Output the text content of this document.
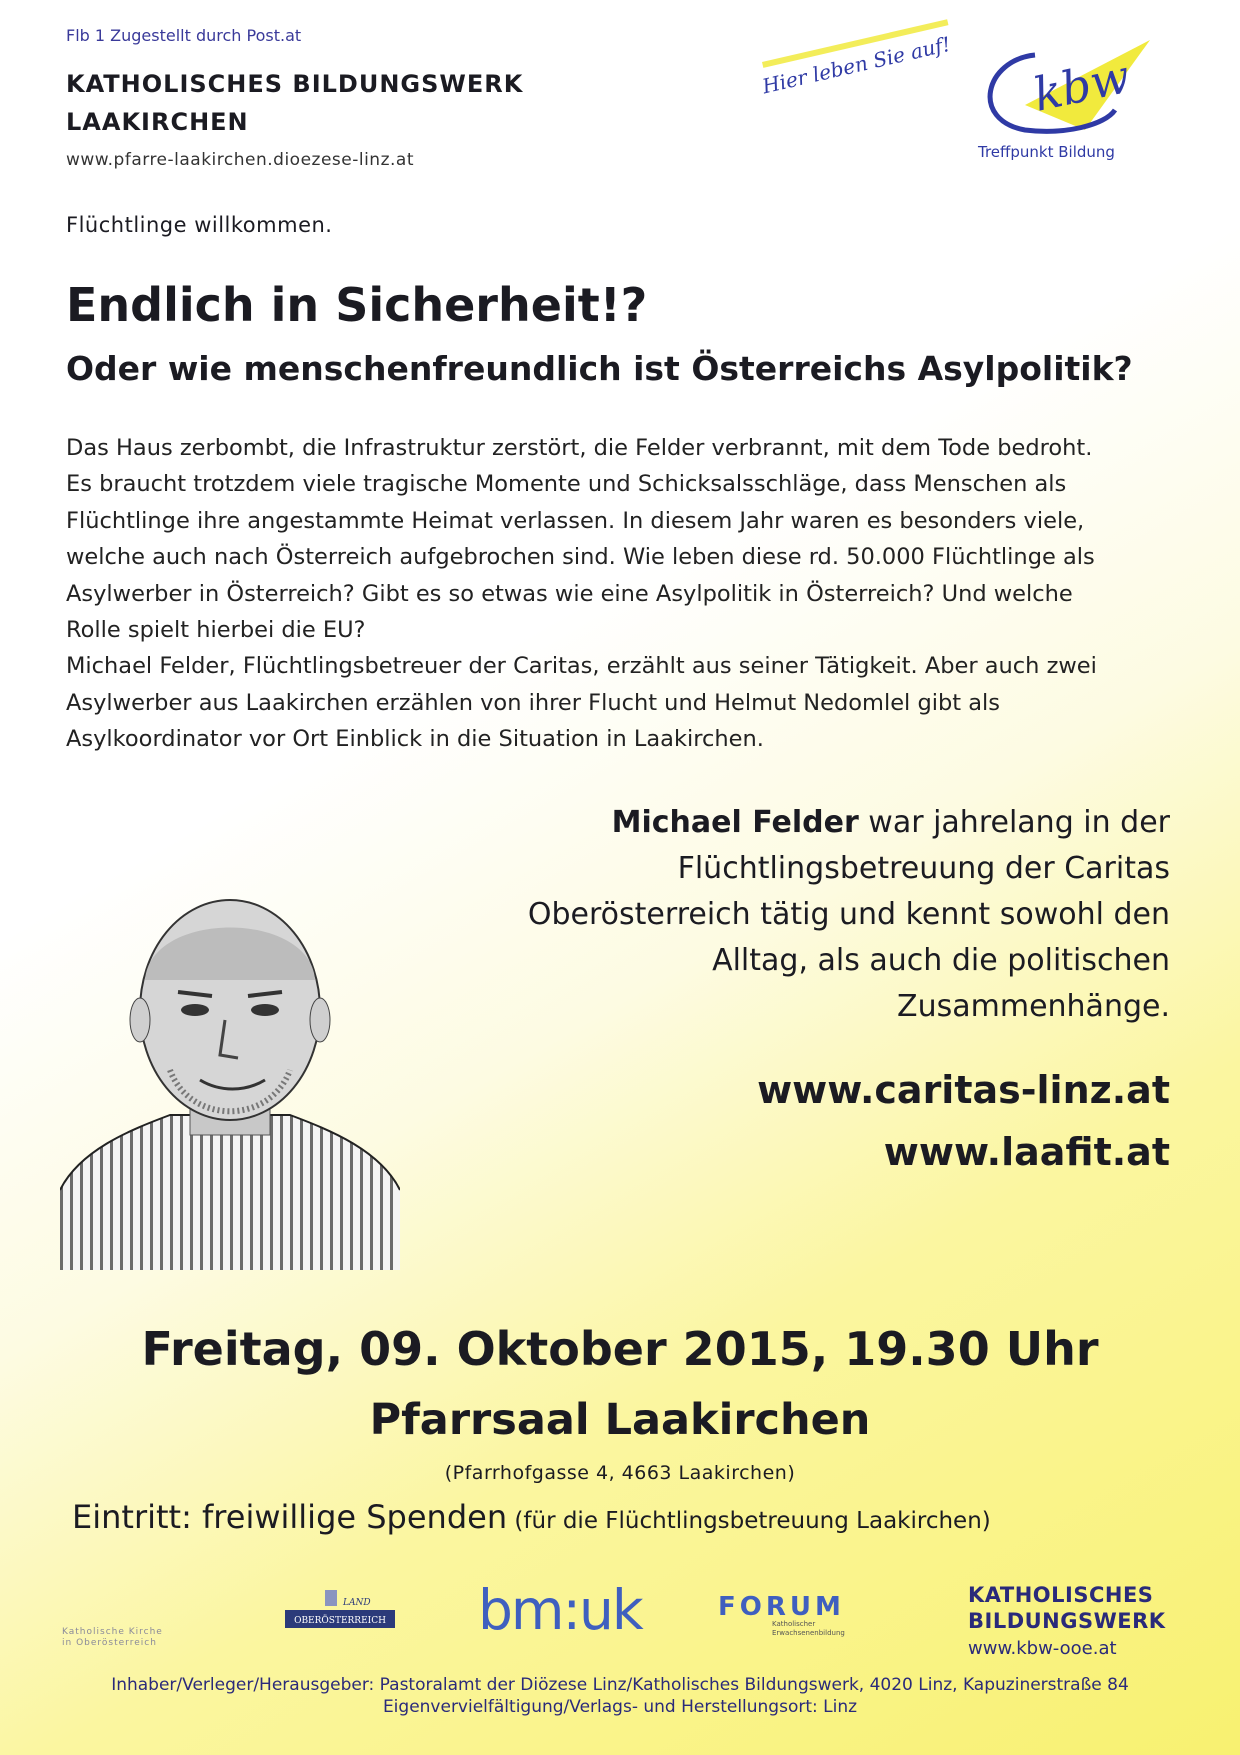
Flb 1 Zugestellt durch Post.at
KATHOLISCHES BILDUNGSWERK
LAAKIRCHEN
www.pfarre-laakirchen.dioezese-linz.at
Hier leben Sie auf! kbw
Treffpunkt Bildung
Flüchtlinge willkommen.
Endlich in Sicherheit!?
Oder wie menschenfreundlich ist Österreichs Asylpolitik?

Das Haus zerbombt, die Infrastruktur zerstört, die Felder verbrannt, mit dem Tode bedroht.

Es braucht trotzdem viele tragische Momente und Schicksalsschläge, dass Menschen als

Flüchtlinge ihre angestammte Heimat verlassen. In diesem Jahr waren es besonders viele,

welche auch nach Österreich aufgebrochen sind. Wie leben diese rd. 50.000 Flüchtlinge als

Asylwerber in Österreich? Gibt es so etwas wie eine Asylpolitik in Österreich? Und welche

Rolle spielt hierbei die EU?

Michael Felder, Flüchtlingsbetreuer der Caritas, erzählt aus seiner Tätigkeit. Aber auch zwei

Asylwerber aus Laakirchen erzählen von ihrer Flucht und Helmut Nedomlel gibt als

Asylkoordinator vor Ort Einblick in die Situation in Laakirchen.

Michael Felder war jahrelang in der
Flüchtlingsbetreuung der Caritas
Oberösterreich tätig und kennt sowohl den
Alltag, als auch die politischen
Zusammenhänge.
www.caritas-linz.at
www.laafit.at
Freitag, 09. Oktober 2015, 19.30 Uhr
Pfarrsaal Laakirchen
(Pfarrhofgasse 4, 4663 Laakirchen)
Eintritt: freiwillige Spenden (für die Flüchtlingsbetreuung Laakirchen)
Katholische Kirche in Oberösterreich
LAND
OBERÖSTERREICH bm:uk	FORUM
Katholischer
Erwachsenenbildung
KATHOLISCHES
BILDUNGSWERK
www.kbw-ooe.at
Inhaber/Verleger/Herausgeber: Pastoralamt der Diözese Linz/Katholisches Bildungswerk, 4020 Linz, Kapuzinerstraße 84
Eigenvervielfältigung/Verlags- und Herstellungsort: Linz
